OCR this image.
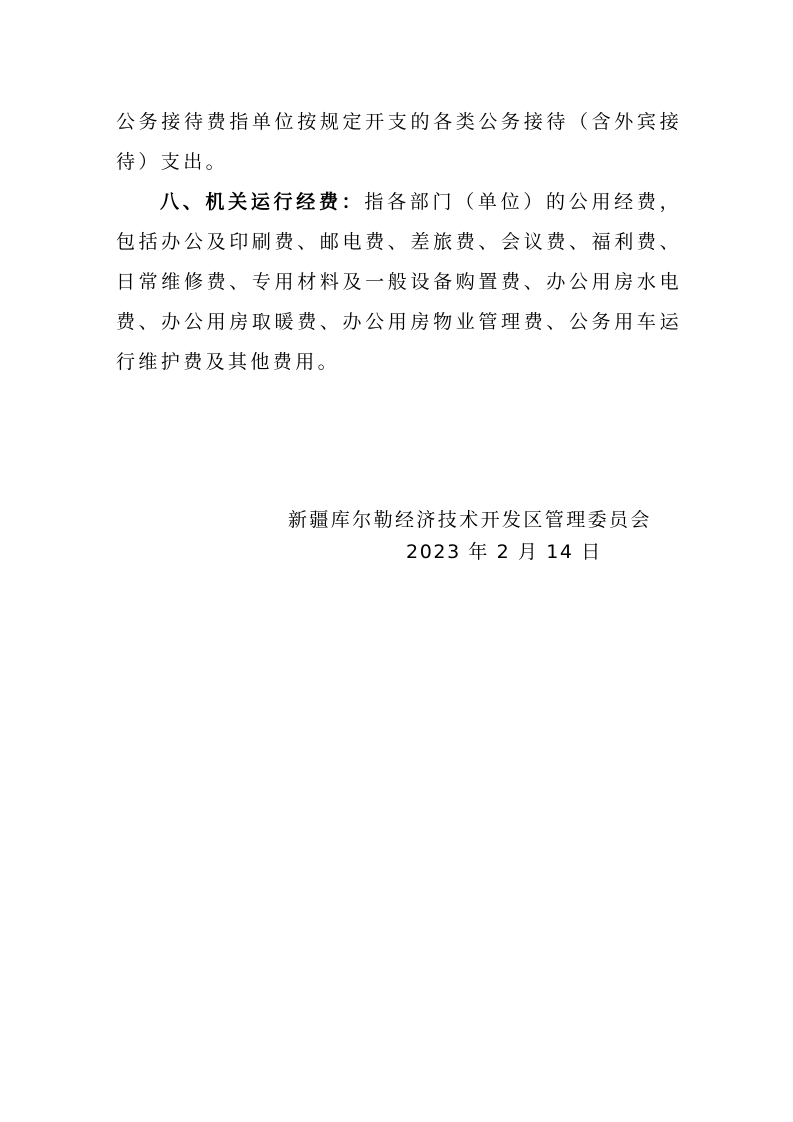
公务接待费指单位按规定开支的各类公务接待（含外宾接待）支出。

八、机关运行经费：指各部门（单位）的公用经费，包括办公及印刷费、邮电费、差旅费、会议费、福利费、日常维修费、专用材料及一般设备购置费、办公用房水电费、办公用房取暖费、办公用房物业管理费、公务用车运行维护费及其他费用。

新疆库尔勒经济技术开发区管理委员会

2023 年 2 月 14 日
